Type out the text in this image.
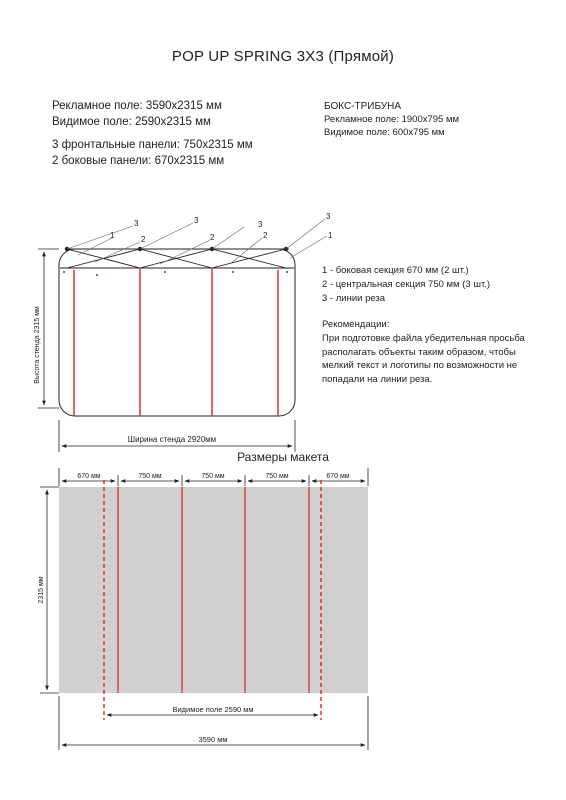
POP UP SPRING 3X3 (Прямой)
Рекламное поле: 3590х2315 мм
Видимое поле: 2590х2315 мм
3 фронтальные панели: 750х2315 мм
2 боковые панели: 670х2315 мм
БОКС-ТРИБУНА
Рекламное поле: 1900х795 мм
Видимое поле: 600х795 мм
1 - боковая секция 670 мм (2 шт.)
2 - центральная секция 750 мм (3 шт.)
3 - линии реза
Рекомендации:
При подготовке файла убедительная просьба располагать объекты таким образом, чтобы мелкий текст и логотипы по возможности не попадали на линии реза.
Размеры макета
3
1	2
3
2
3
2
3
1
Высота стенда 2315 мм
Ширина стенда 2920мм
670 мм	750 мм	750 мм	750 мм	670 мм
2315 мм
Видимое поле 2590 мм
3590 мм
